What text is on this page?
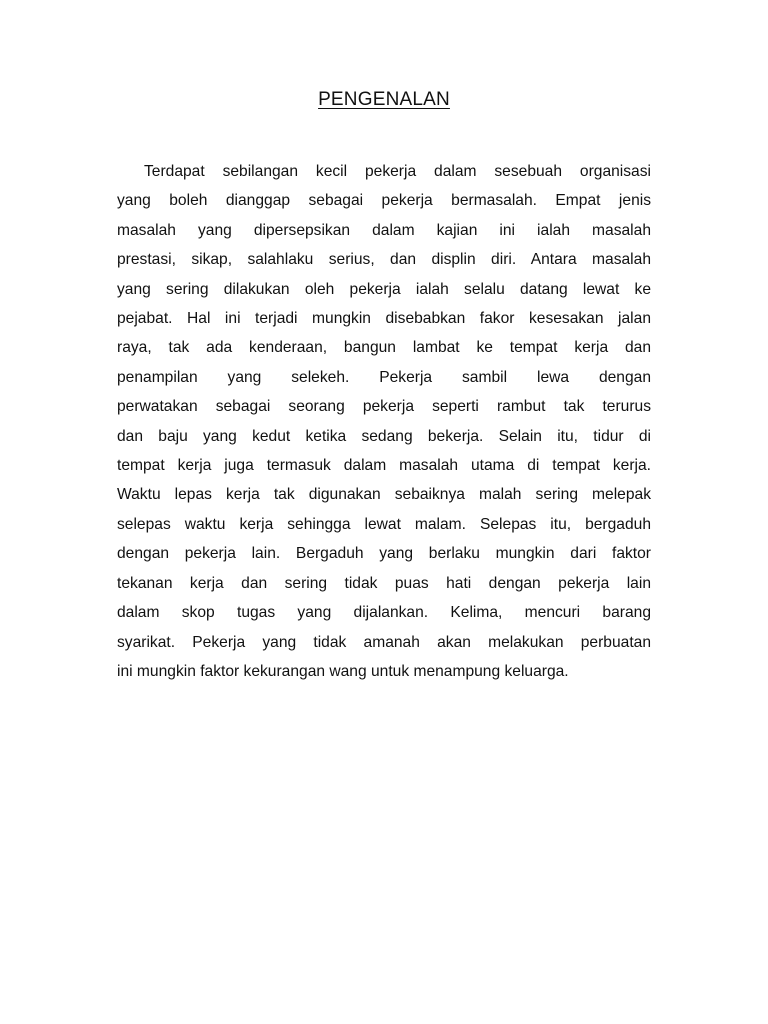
PENGENALAN
Terdapat sebilangan kecil pekerja dalam sesebuah organisasi
yang boleh dianggap sebagai pekerja bermasalah. Empat jenis
masalah yang dipersepsikan dalam kajian ini ialah masalah
prestasi, sikap, salahlaku serius, dan displin diri. Antara masalah
yang sering dilakukan oleh pekerja ialah selalu datang lewat ke
pejabat. Hal ini terjadi mungkin disebabkan fakor kesesakan jalan
raya, tak ada kenderaan, bangun lambat ke tempat kerja dan
penampilan yang selekeh. Pekerja sambil lewa dengan
perwatakan sebagai seorang pekerja seperti rambut tak terurus
dan baju yang kedut ketika sedang bekerja. Selain itu, tidur di
tempat kerja juga termasuk dalam masalah utama di tempat kerja.
Waktu lepas kerja tak digunakan sebaiknya malah sering melepak
selepas waktu kerja sehingga lewat malam. Selepas itu, bergaduh
dengan pekerja lain. Bergaduh yang berlaku mungkin dari faktor
tekanan kerja dan sering tidak puas hati dengan pekerja lain
dalam skop tugas yang dijalankan. Kelima, mencuri barang
syarikat. Pekerja yang tidak amanah akan melakukan perbuatan
ini mungkin faktor kekurangan wang untuk menampung keluarga.
